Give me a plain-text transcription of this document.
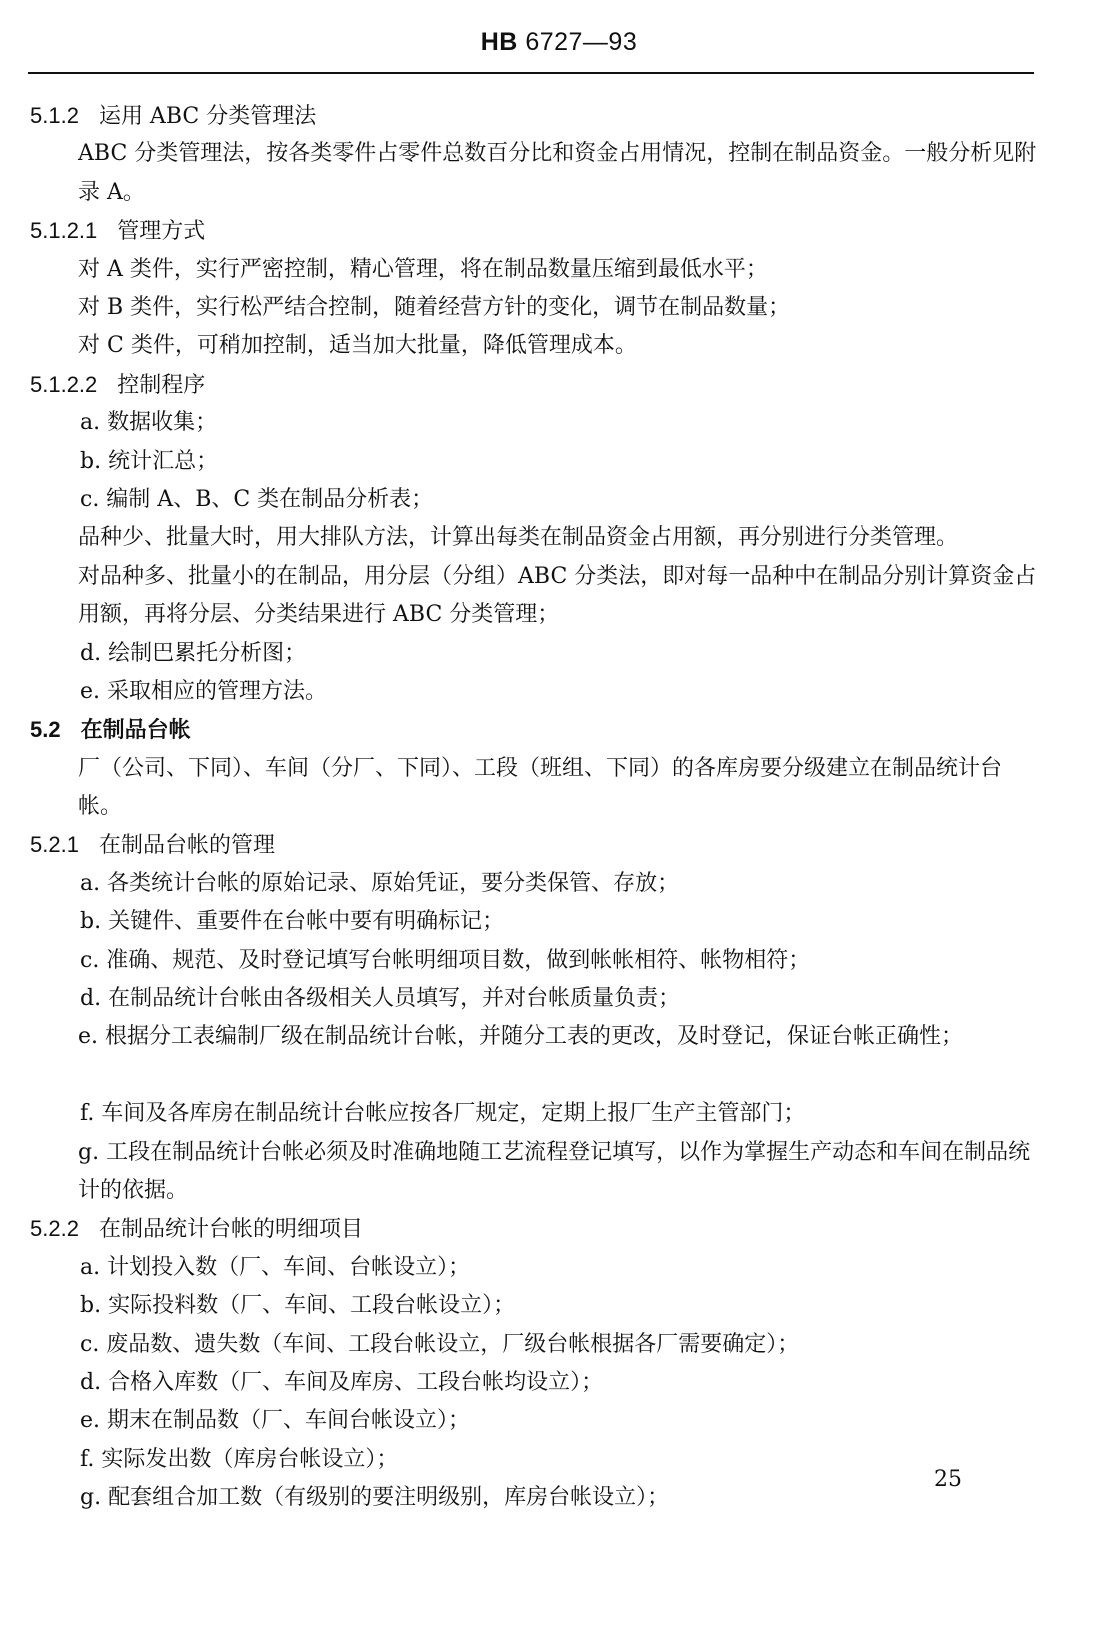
HB 6727—93
5.1.2 运用 ABC 分类管理法
ABC 分类管理法，按各类零件占零件总数百分比和资金占用情况，控制在制品资金。一般分析见附录 A。
5.1.2.1 管理方式
对 A 类件，实行严密控制，精心管理，将在制品数量压缩到最低水平；
对 B 类件，实行松严结合控制，随着经营方针的变化，调节在制品数量；
对 C 类件，可稍加控制，适当加大批量，降低管理成本。
5.1.2.2 控制程序
a. 数据收集；
b. 统计汇总；
c. 编制 A、B、C 类在制品分析表；
品种少、批量大时，用大排队方法，计算出每类在制品资金占用额，再分别进行分类管理。
对品种多、批量小的在制品，用分层（分组）ABC 分类法，即对每一品种中在制品分别计算资金占用额，再将分层、分类结果进行 ABC 分类管理；
d. 绘制巴累托分析图；
e. 采取相应的管理方法。
5.2 在制品台帐
厂（公司、下同）、车间（分厂、下同）、工段（班组、下同）的各库房要分级建立在制品统计台帐。
5.2.1 在制品台帐的管理
a. 各类统计台帐的原始记录、原始凭证，要分类保管、存放；
b. 关键件、重要件在台帐中要有明确标记；
c. 准确、规范、及时登记填写台帐明细项目数，做到帐帐相符、帐物相符；
d. 在制品统计台帐由各级相关人员填写，并对台帐质量负责；
e. 根据分工表编制厂级在制品统计台帐，并随分工表的更改，及时登记，保证台帐正确性；
f. 车间及各库房在制品统计台帐应按各厂规定，定期上报厂生产主管部门；
g. 工段在制品统计台帐必须及时准确地随工艺流程登记填写，以作为掌握生产动态和车间在制品统计的依据。
5.2.2 在制品统计台帐的明细项目
a. 计划投入数（厂、车间、台帐设立）；
b. 实际投料数（厂、车间、工段台帐设立）；
c. 废品数、遗失数（车间、工段台帐设立，厂级台帐根据各厂需要确定）；
d. 合格入库数（厂、车间及库房、工段台帐均设立）；
e. 期末在制品数（厂、车间台帐设立）；
f. 实际发出数（库房台帐设立）；
g. 配套组合加工数（有级别的要注明级别，库房台帐设立）；
25
